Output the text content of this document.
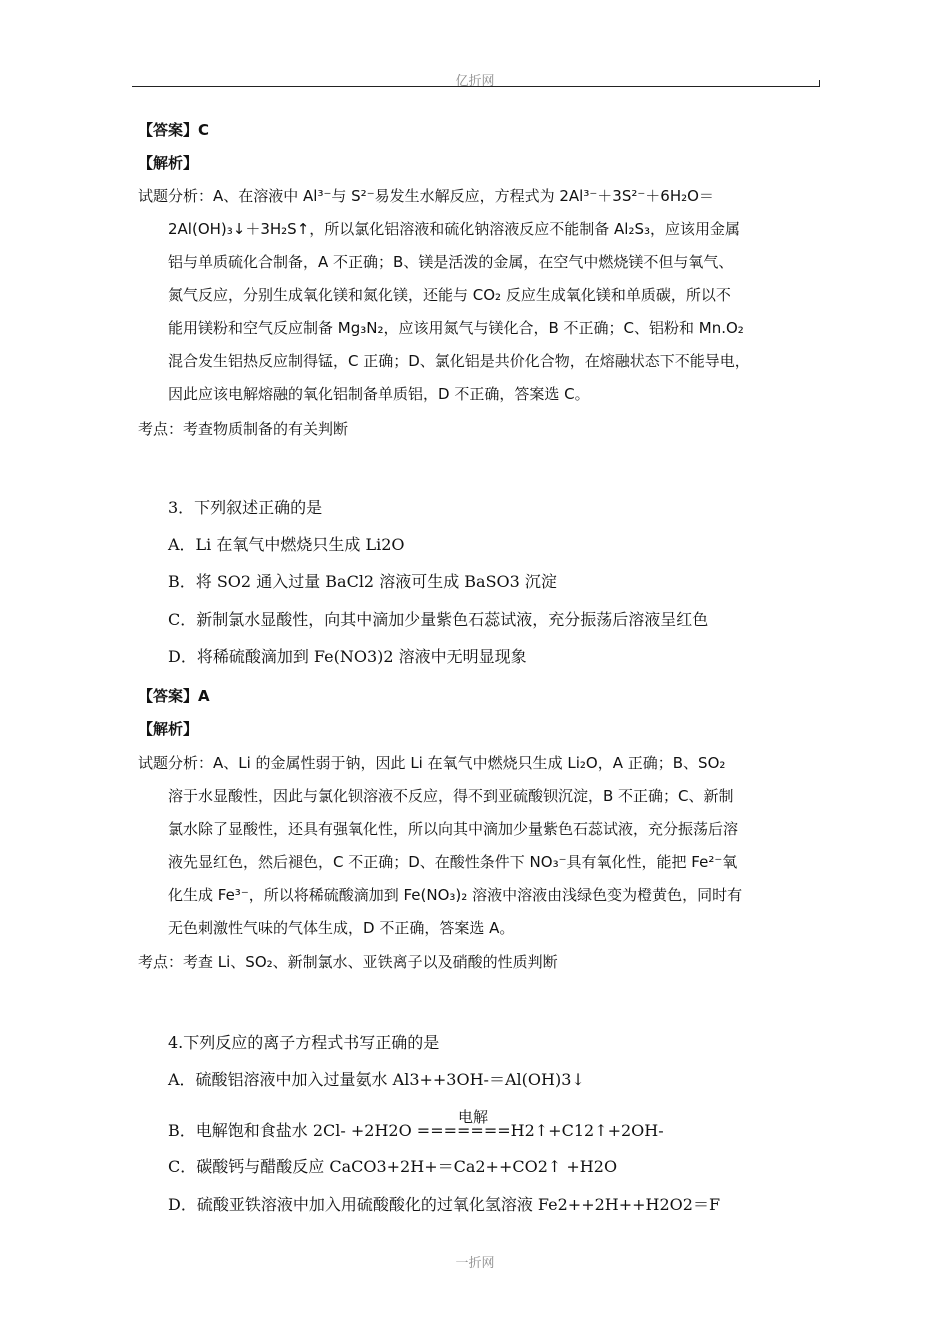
亿折网
【答案】C
【解析】
试题分析：A、在溶液中 Al³⁻与 S²⁻易发生水解反应，方程式为 2Al³⁻＋3S²⁻＋6H₂O＝
2Al(OH)₃↓＋3H₂S↑，所以氯化铝溶液和硫化钠溶液反应不能制备 Al₂S₃，应该用金属
铝与单质硫化合制备，A 不正确；B、镁是活泼的金属，在空气中燃烧镁不但与氧气、
氮气反应，分别生成氧化镁和氮化镁，还能与 CO₂ 反应生成氧化镁和单质碳，所以不
能用镁粉和空气反应制备 Mg₃N₂，应该用氮气与镁化合，B 不正确；C、铝粉和 Mn.O₂
混合发生铝热反应制得锰，C 正确；D、氯化铝是共价化合物，在熔融状态下不能导电，
因此应该电解熔融的氧化铝制备单质铝，D 不正确，答案选 C。
考点：考查物质制备的有关判断
3．下列叙述正确的是
A．Li 在氧气中燃烧只生成 Li2O
B．将 SO2 通入过量 BaCl2 溶液可生成 BaSO3 沉淀
C．新制氯水显酸性，向其中滴加少量紫色石蕊试液，充分振荡后溶液呈红色
D．将稀硫酸滴加到 Fe(NO3)2 溶液中无明显现象
【答案】A
【解析】
试题分析：A、Li 的金属性弱于钠，因此 Li 在氧气中燃烧只生成 Li₂O，A 正确；B、SO₂
溶于水显酸性，因此与氯化钡溶液不反应，得不到亚硫酸钡沉淀，B 不正确；C、新制
氯水除了显酸性，还具有强氧化性，所以向其中滴加少量紫色石蕊试液，充分振荡后溶
液先显红色，然后褪色，C 不正确；D、在酸性条件下 NO₃⁻具有氧化性，能把 Fe²⁻氧
化生成 Fe³⁻，所以将稀硫酸滴加到 Fe(NO₃)₂ 溶液中溶液由浅绿色变为橙黄色，同时有
无色刺激性气味的气体生成，D 不正确，答案选 A。
考点：考查 Li、SO₂、新制氯水、亚铁离子以及硝酸的性质判断
4.下列反应的离子方程式书写正确的是
A．硫酸铝溶液中加入过量氨水 Al3++3OH-＝Al(OH)3↓
电解
B．电解饱和食盐水 2Cl- +2H2O =======H2↑+C12↑+2OH-
C．碳酸钙与醋酸反应 CaCO3+2H+＝Ca2++CO2↑ +H2O
D．硫酸亚铁溶液中加入用硫酸酸化的过氧化氢溶液 Fe2++2H++H2O2＝F
一折网
